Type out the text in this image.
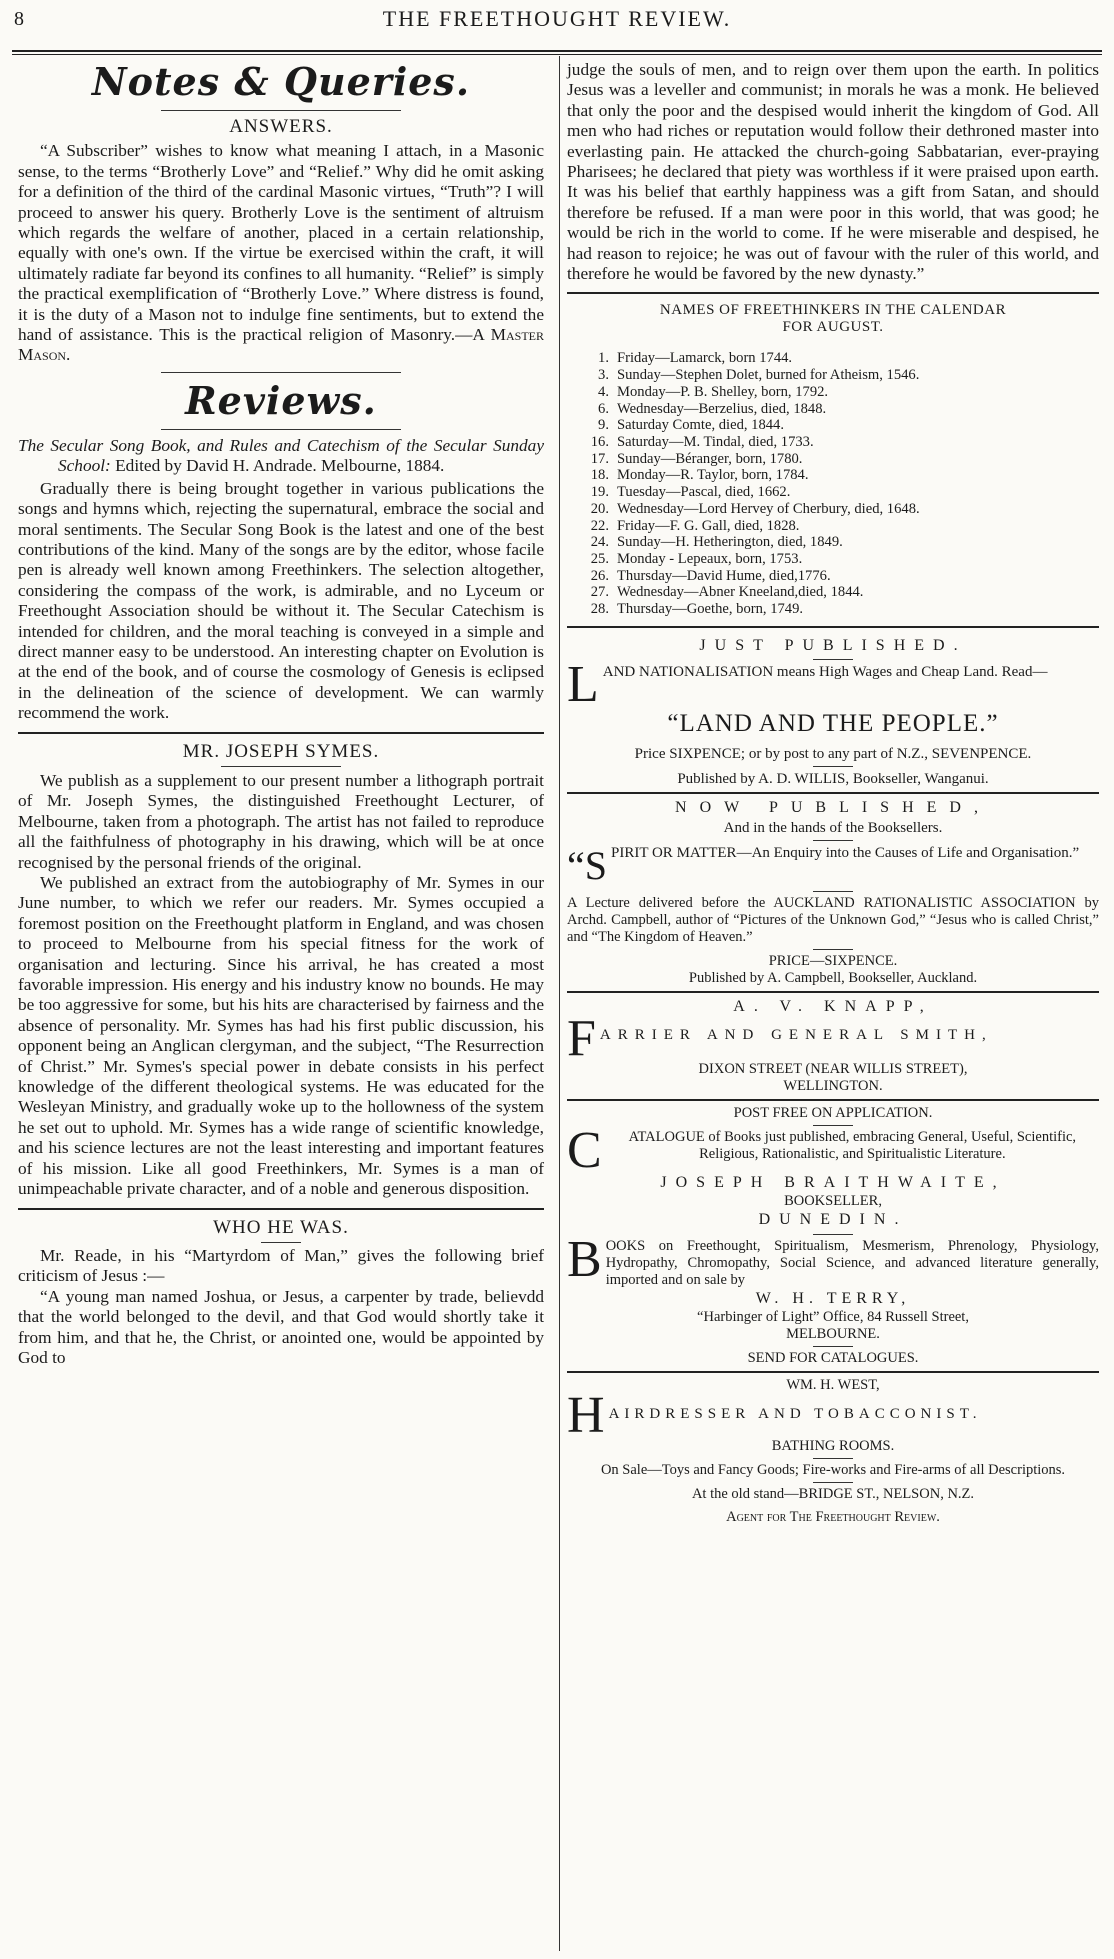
8	THE FREETHOUGHT REVIEW.
Notes & Queries.
ANSWERS.

“A Subscriber” wishes to know what meaning I attach, in a Masonic sense, to the terms “Brotherly Love” and “Relief.” Why did he omit asking for a definition of the third of the cardinal Masonic virtues, “Truth”? I will proceed to answer his query. Brotherly Love is the sentiment of altruism which regards the welfare of another, placed in a certain relationship, equally with one's own. If the virtue be exercised within the craft, it will ultimately radiate far beyond its confines to all humanity. “Relief” is simply the practical exemplification of “Brotherly Love.” Where distress is found, it is the duty of a Mason not to indulge fine sentiments, but to extend the hand of assistance. This is the practical religion of Masonry.—A Master Mason.

Reviews.

The Secular Song Book, and Rules and Catechism of the Secular Sunday School: Edited by David H. Andrade. Melbourne, 1884.

Gradually there is being brought together in various publications the songs and hymns which, rejecting the supernatural, embrace the social and moral sentiments. The Secular Song Book is the latest and one of the best contributions of the kind. Many of the songs are by the editor, whose facile pen is already well known among Freethinkers. The selection altogether, considering the compass of the work, is admirable, and no Lyceum or Freethought Association should be without it. The Secular Catechism is intended for children, and the moral teaching is conveyed in a simple and direct manner easy to be understood. An interesting chapter on Evolution is at the end of the book, and of course the cosmology of Genesis is eclipsed in the delineation of the science of development. We can warmly recommend the work.

MR. JOSEPH SYMES.

We publish as a supplement to our present number a lithograph portrait of Mr. Joseph Symes, the distinguished Freethought Lecturer, of Melbourne, taken from a photograph. The artist has not failed to reproduce all the faithfulness of photography in his drawing, which will be at once recognised by the personal friends of the original.

We published an extract from the autobiography of Mr. Symes in our June number, to which we refer our readers. Mr. Symes occupied a foremost position on the Freethought platform in England, and was chosen to proceed to Melbourne from his special fitness for the work of organisation and lecturing. Since his arrival, he has created a most favorable impression. His energy and his industry know no bounds. He may be too aggressive for some, but his hits are characterised by fairness and the absence of personality. Mr. Symes has had his first public discussion, his opponent being an Anglican clergyman, and the subject, “The Resurrection of Christ.” Mr. Symes's special power in debate consists in his perfect knowledge of the different theological systems. He was educated for the Wesleyan Ministry, and gradually woke up to the hollowness of the system he set out to uphold. Mr. Symes has a wide range of scientific knowledge, and his science lectures are not the least interesting and important features of his mission. Like all good Freethinkers, Mr. Symes is a man of unimpeachable private character, and of a noble and generous disposition.

WHO HE WAS.

Mr. Reade, in his “Martyrdom of Man,” gives the following brief criticism of Jesus :—

“A young man named Joshua, or Jesus, a carpenter by trade, believdd that the world belonged to the devil, and that God would shortly take it from him, and that he, the Christ, or anointed one, would be appointed by God to

judge the souls of men, and to reign over them upon the earth. In politics Jesus was a leveller and communist; in morals he was a monk. He believed that only the poor and the despised would inherit the kingdom of God. All men who had riches or reputation would follow their dethroned master into everlasting pain. He attacked the church-going Sabbatarian, ever-praying Pharisees; he declared that piety was worthless if it were praised upon earth. It was his belief that earthly happiness was a gift from Satan, and should therefore be refused. If a man were poor in this world, that was good; he would be rich in the world to come. If he were miserable and despised, he had reason to rejoice; he was out of favour with the ruler of this world, and therefore he would be favored by the new dynasty.”

NAMES OF FREETHINKERS IN THE CALENDAR
FOR AUGUST.
1. Friday—Lamarck, born 1744.
3. Sunday—Stephen Dolet, burned for Atheism, 1546.
4. Monday—P. B. Shelley, born, 1792.
6. Wednesday—Berzelius, died, 1848.
9. Saturday Comte, died, 1844.
16. Saturday—M. Tindal, died, 1733.
17. Sunday—Béranger, born, 1780.
18. Monday—R. Taylor, born, 1784.
19. Tuesday—Pascal, died, 1662.
20. Wednesday—Lord Hervey of Cherbury, died, 1648.
22. Friday—F. G. Gall, died, 1828.
24. Sunday—H. Hetherington, died, 1849.
25. Monday - Lepeaux, born, 1753.
26. Thursday—David Hume, died,1776.
27. Wednesday—Abner Kneeland,died, 1844.
28. Thursday—Goethe, born, 1749.
JUST PUBLISHED.
L AND NATIONALISATION means High Wages and Cheap Land. Read—
“LAND AND THE PEOPLE.”
Price SIXPENCE; or by post to any part of N.Z., SEVENPENCE.
Published by A. D. WILLIS, Bookseller, Wanganui.
NOW PUBLISHED,
And in the hands of the Booksellers.
“S PIRIT OR MATTER—An Enquiry into the Causes of Life and Organisation.”
A Lecture delivered before the AUCKLAND RATIONALISTIC ASSOCIATION by Archd. Campbell, author of “Pictures of the Unknown God,” “Jesus who is called Christ,” and “The Kingdom of Heaven.”
PRICE—SIXPENCE.
Published by A. Campbell, Bookseller, Auckland.
A. V. KNAPP,
F ARRIER AND GENERAL SMITH,
DIXON STREET (NEAR WILLIS STREET),
WELLINGTON.
POST FREE ON APPLICATION.
C	ATALOGUE of Books just published, embracing General, Useful, Scientific, Religious, Rationalistic, and Spiritualistic Literature.
JOSEPH BRAITHWAITE,
BOOKSELLER,
DUNEDIN.
B OOKS on Freethought, Spiritualism, Mesmerism, Phrenology, Physiology, Hydropathy, Chromopathy, Social Science, and advanced literature generally, imported and on sale by
W. H. TERRY,
“Harbinger of Light” Office, 84 Russell Street,
MELBOURNE.
SEND FOR CATALOGUES.
WM. H. WEST,
H AIRDRESSER AND TOBACCONIST.
BATHING ROOMS.
On Sale—Toys and Fancy Goods; Fire-works and Fire-arms of all Descriptions.
At the old stand—BRIDGE ST., NELSON, N.Z.
Agent for The Freethought Review.
